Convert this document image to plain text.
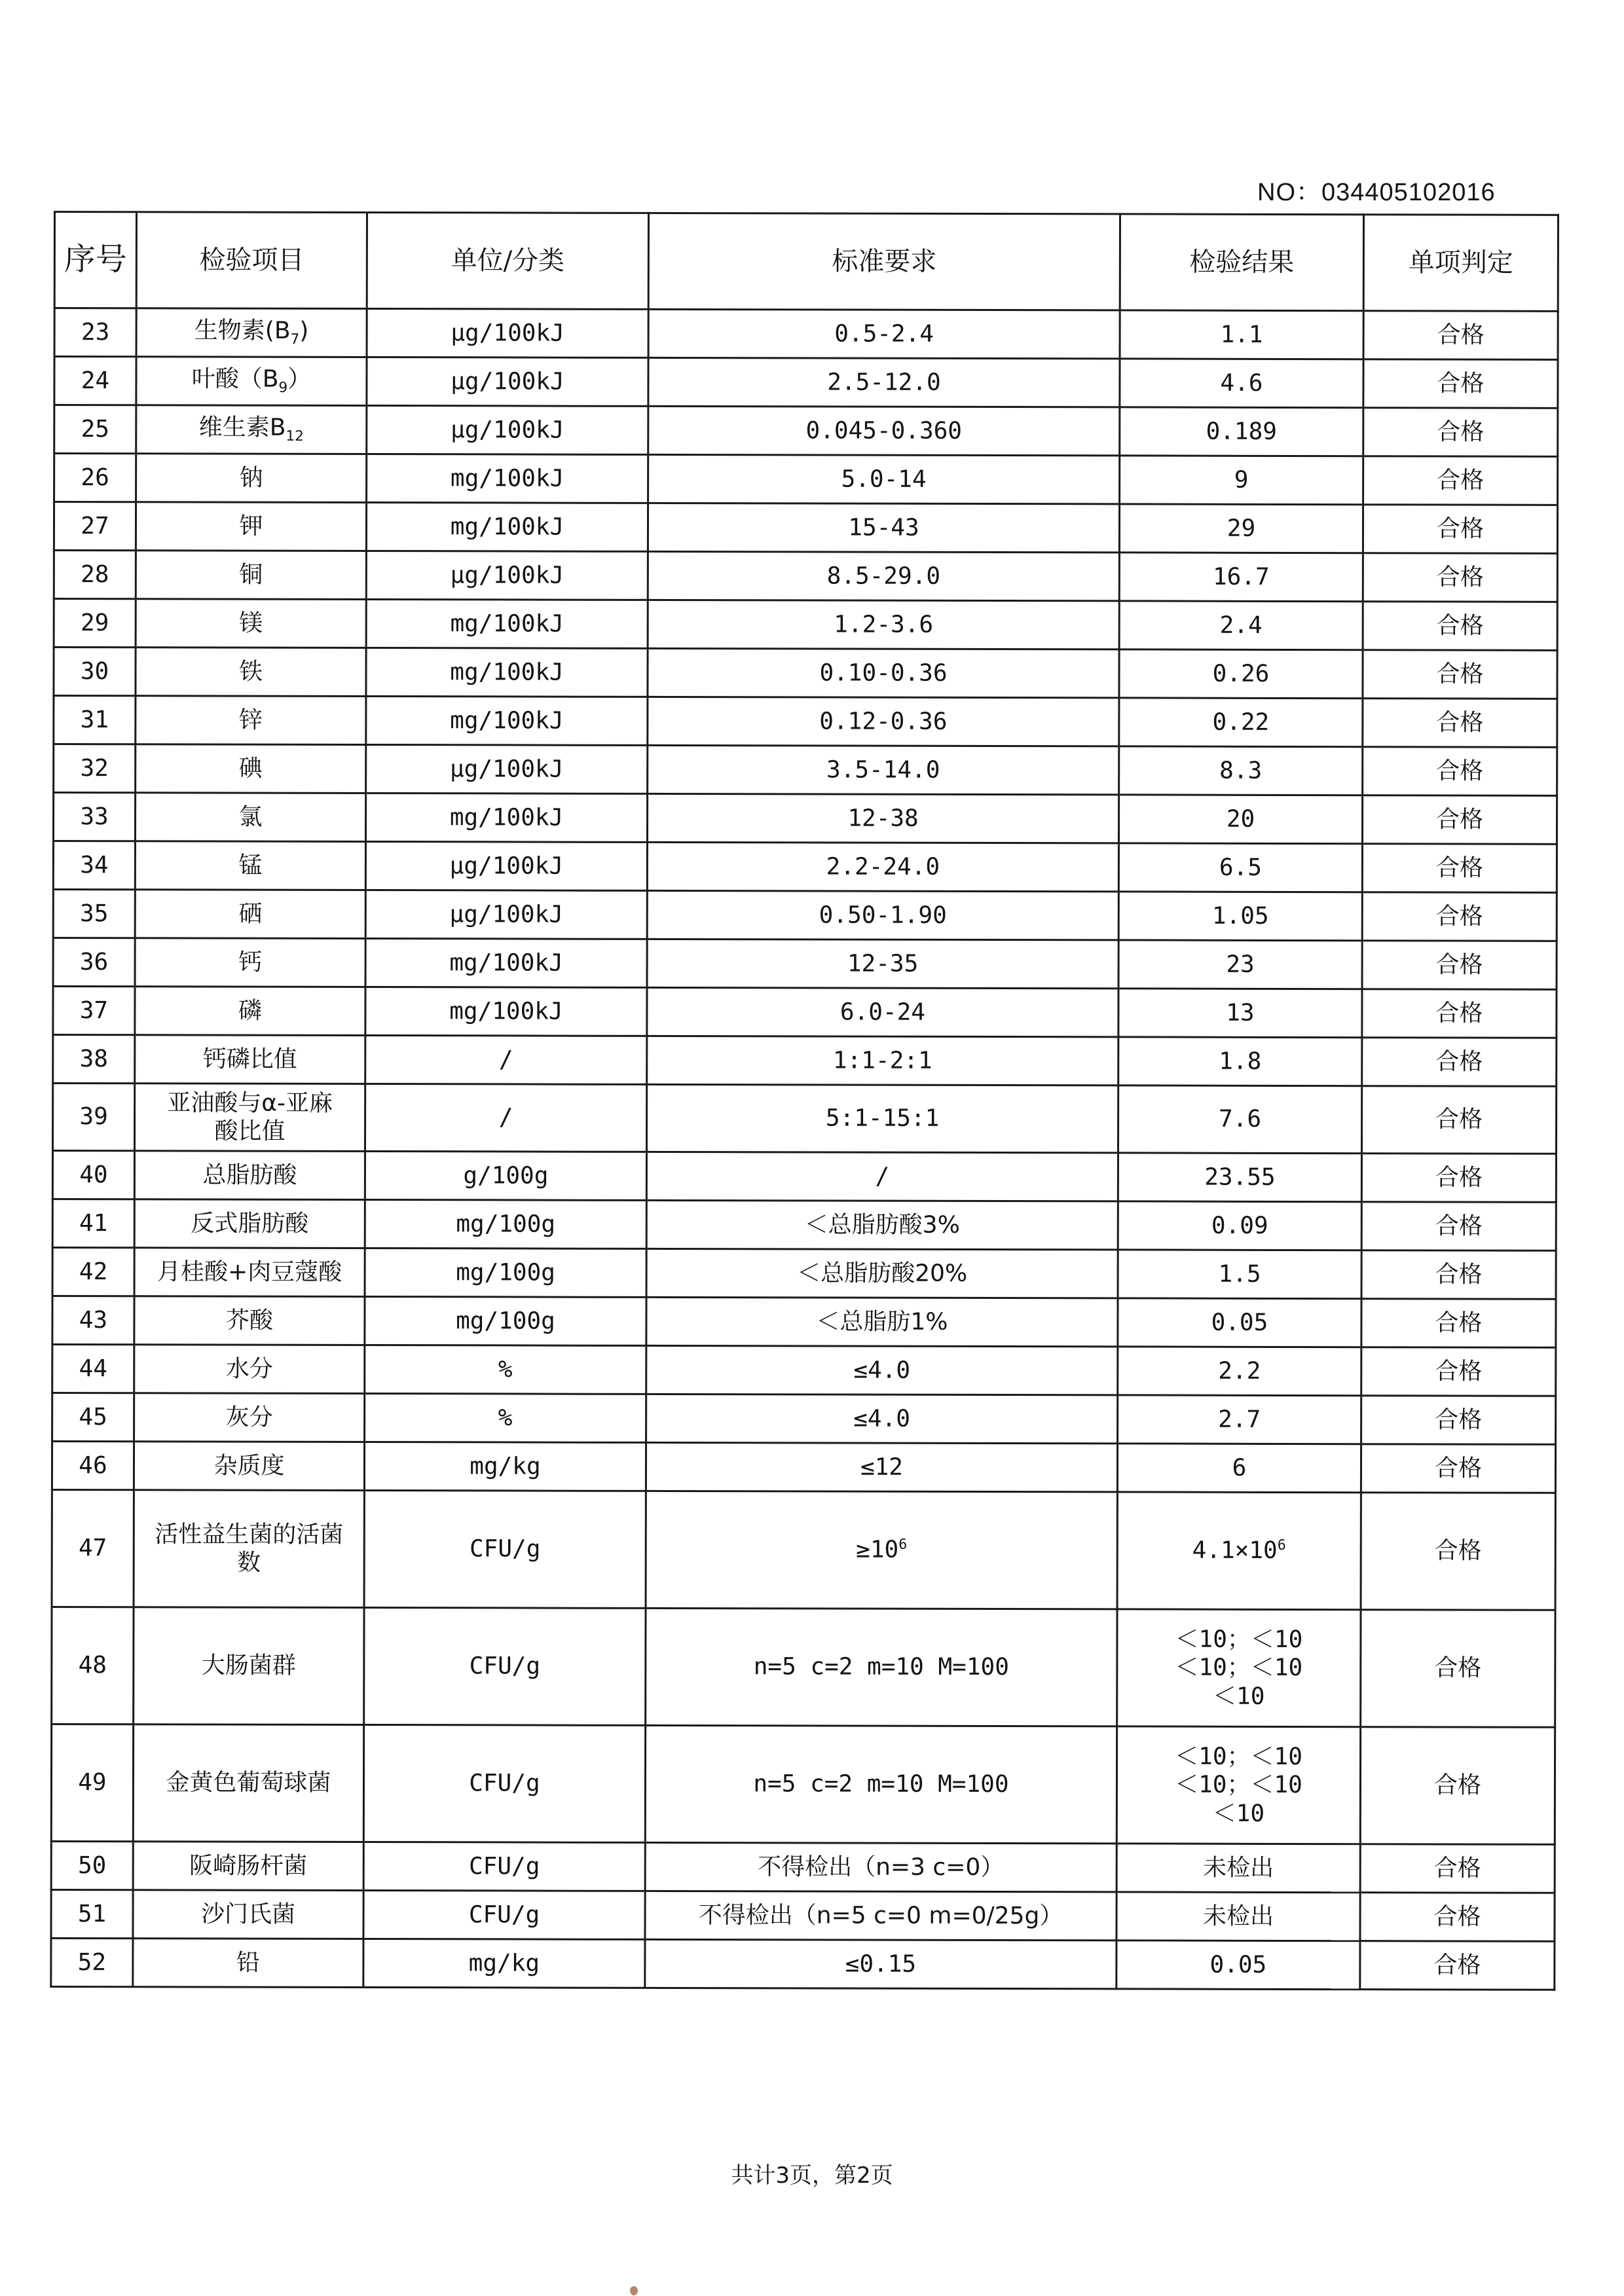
NO：034405102016
序号	检验项目	单位/分类	标准要求	检验结果	单项判定
23	生物素$(B_7)$	μg/100kJ	0.5-2.4	1.1	合格
24	叶酸$(B_9)$	μg/100kJ	2.5-12.0	4.6	合格
25	维生素$B_{12}$	μg/100kJ	0.045-0.360	0.189	合格
26	钠	mg/100kJ	5.0-14	9	合格
27	钾	mg/100kJ	15-43	29	合格
28	铜	μg/100kJ	8.5-29.0	16.7	合格
29	镁	mg/100kJ	1.2-3.6	2.4	合格
30	铁	mg/100kJ	0.10-0.36	0.26	合格
31	锌	mg/100kJ	0.12-0.36	0.22	合格
32	碘	μg/100kJ	3.5-14.0	8.3	合格
33	氯	mg/100kJ	12-38	20	合格
34	锰	μg/100kJ	2.2-24.0	6.5	合格
35	硒	μg/100kJ	0.50-1.90	1.05	合格
36	钙	mg/100kJ	12-35	23	合格
37	磷	mg/100kJ	6.0-24	13	合格
38	钙磷比值	/	1:1-2:1	1.8	合格
39	亚油酸与α-亚麻
酸比值	/	5:1-15:1	7.6	合格
40	总脂肪酸	g/100g	/	23.55	合格
41	反式脂肪酸	mg/100g	＜总脂肪酸3%	0.09	合格
42	月桂酸+肉豆蔻酸	mg/100g	＜总脂肪酸20%	1.5	合格
43	芥酸	mg/100g	＜总脂肪1%	0.05	合格
44	水分	%	≤4.0	2.2	合格
45	灰分	%	≤4.0	2.7	合格
46	杂质度	mg/kg	≤12	6	合格
47	活性益生菌的活菌
数	CFU/g	$\ge 10^6$	$4.1\times 10^6$	合格
48	大肠菌群	CFU/g	n=5 c=2 m=10 M=100	＜10；＜10
＜10；＜10
＜10	合格
49	金黄色葡萄球菌	CFU/g	n=5 c=2 m=10 M=100	＜10；＜10
＜10；＜10
＜10	合格
50	阪崎肠杆菌	CFU/g	不得检出（n=3 c=0）	未检出	合格
51	沙门氏菌	CFU/g	不得检出（n=5 c=0 m=0/25g）	未检出	合格
52	铅	mg/kg	≤0.15	0.05	合格
共计3页，第2页
